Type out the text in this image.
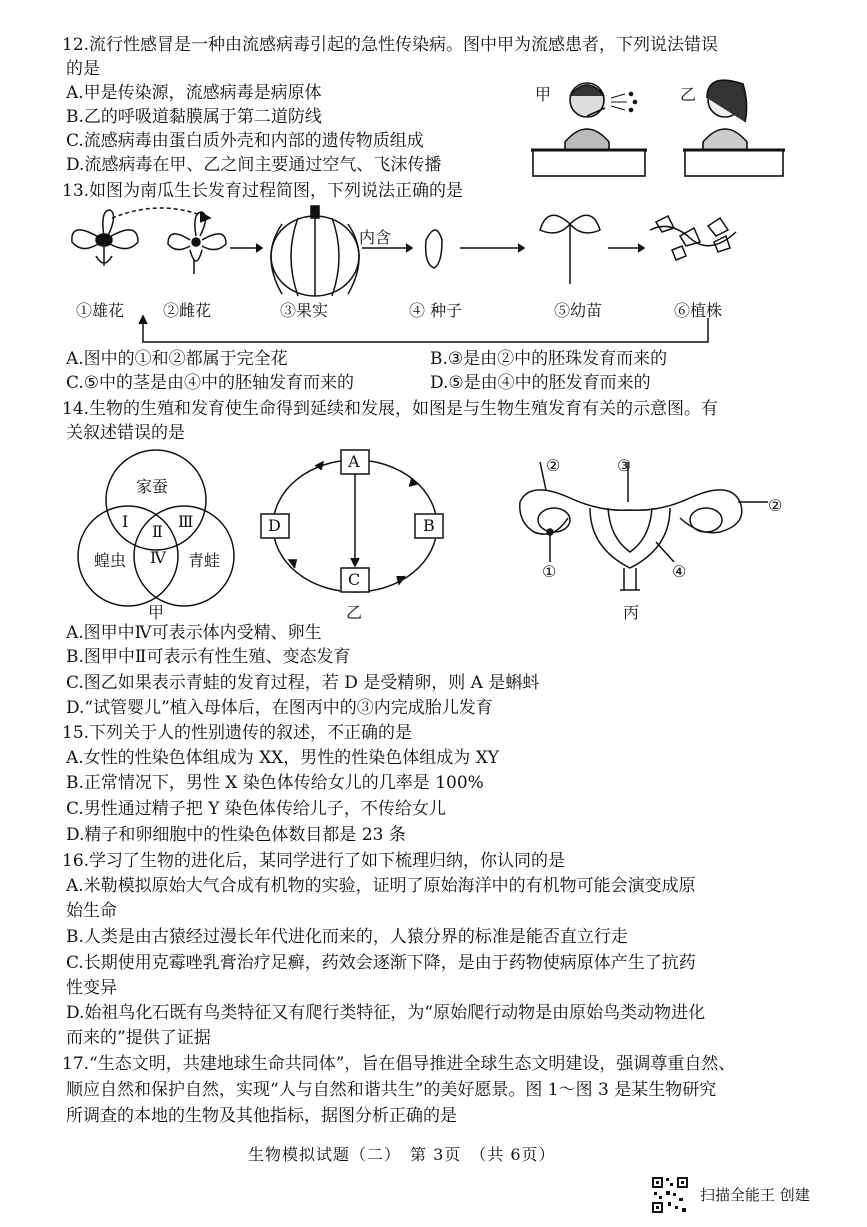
12.流行性感冒是一种由流感病毒引起的急性传染病。图中甲为流感患者，下列说法错误
的是
A.甲是传染源，流感病毒是病原体
B.乙的呼吸道黏膜属于第二道防线
C.流感病毒由蛋白质外壳和内部的遗传物质组成
D.流感病毒在甲、乙之间主要通过空气、飞沫传播
甲	乙
13.如图为南瓜生长发育过程简图，下列说法正确的是
内含
①雄花 ②雌花	③果实	④ 种子	⑤幼苗	⑥植株
A.图中的①和②都属于完全花	B.③是由②中的胚珠发育而来的
C.⑤中的茎是由④中的胚轴发育而来的	D.⑤是由④中的胚发育而来的
14.生物的生殖和发育使生命得到延续和发展，如图是与生物生殖发育有关的示意图。有
关叙述错误的是
家蚕
Ⅰ
Ⅱ
Ⅲ
Ⅳ
蝗虫	青蛙
甲
A
B
C
D
乙
②	③
②
①	④
丙
A.图甲中Ⅳ可表示体内受精、卵生
B.图甲中Ⅱ可表示有性生殖、变态发育
C.图乙如果表示青蛙的发育过程，若 D 是受精卵，则 A 是蝌蚪
D.“试管婴儿”植入母体后，在图丙中的③内完成胎儿发育
15.下列关于人的性别遗传的叙述，不正确的是
A.女性的性染色体组成为 XX，男性的性染色体组成为 XY
B.正常情况下，男性 X 染色体传给女儿的几率是 100%
C.男性通过精子把 Y 染色体传给儿子，不传给女儿
D.精子和卵细胞中的性染色体数目都是 23 条
16.学习了生物的进化后，某同学进行了如下梳理归纳，你认同的是
A.米勒模拟原始大气合成有机物的实验，证明了原始海洋中的有机物可能会演变成原
始生命
B.人类是由古猿经过漫长年代进化而来的，人猿分界的标准是能否直立行走
C.长期使用克霉唑乳膏治疗足癣，药效会逐渐下降，是由于药物使病原体产生了抗药
性变异
D.始祖鸟化石既有鸟类特征又有爬行类特征，为“原始爬行动物是由原始鸟类动物进化
而来的”提供了证据
17.“生态文明，共建地球生命共同体”，旨在倡导推进全球生态文明建设，强调尊重自然、
顺应自然和保护自然，实现“人与自然和谐共生”的美好愿景。图 1～图 3 是某生物研究
所调查的本地的生物及其他指标，据图分析正确的是
生物模拟试题（二）　第 3页　（共 6页）
扫描全能王 创建
